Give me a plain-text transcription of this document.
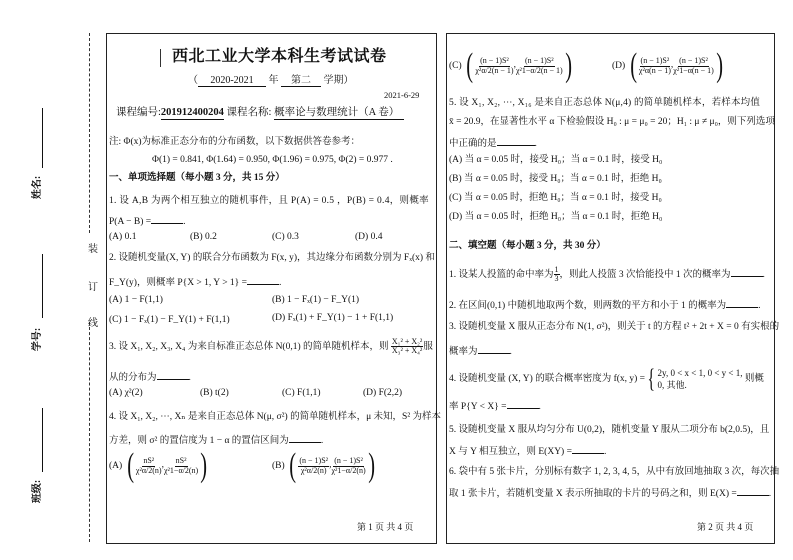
装
订
线
姓名:
学号:
班级:
西北工业大学本科生考试试卷
（ 2020-2021 年 第二 学期）
2021-6-29
课程编号:201912400204 课程名称: 概率论与数理统计（A 卷）
注: Φ(x)为标准正态分布的分布函数，以下数据供答卷参考：
Φ(1) = 0.841, Φ(1.64) = 0.950, Φ(1.96) = 0.975, Φ(2) = 0.977 .
一、单项选择题（每小题 3 分，共 15 分）
1. 设 A,B 为两个相互独立的随机事件，且 P(A) = 0.5 ，P(B) = 0.4，则概率
P(A − B) =	.
(A) 0.1	(B) 0.2	(C) 0.3	(D) 0.4
2. 设随机变量(X, Y) 的联合分布函数为 F(x, y)，其边缘分布函数分别为 Fₓ(x) 和
F_Y(y)，则概率 P{X > 1, Y > 1} =	.
(A) 1 − F(1,1)	(B) 1 − Fₓ(1) − F_Y(1)
(C) 1 − Fₓ(1) − F_Y(1) + F(1,1)	(D) Fₓ(1) + F_Y(1) − 1 + F(1,1)
3. 设 X₁, X₂, X₃, X₄ 为来自标准正态总体 N(0,1) 的简单随机样本，则 $\frac{\text{X₁² + X₂²}}{\text{X₃² + X₄²}}$ 服
从的分布为	.
(A) χ²(2)	(B) t(2)	(C) F(1,1)	(D) F(2,2)
4. 设 X₁, X₂, ⋯, Xₙ 是来自正态总体 N(μ, σ²) 的简单随机样本，μ 未知，S² 为样本
方差，则 σ² 的置信度为 1 − α 的置信区间为	.
(A) ( $\frac{\text{nS²}}{\text{χ²α/2(n)}}$ , $\frac{\text{nS²}}{\text{χ²1−α/2(n)}}$ )	(B) ( $\frac{\text{(n − 1)S²}}{\text{χ²α/2(n)}}$ , $\frac{\text{(n − 1)S²}}{\text{χ²1−α/2(n)}}$ )
第 1 页 共 4 页
(C) ( $\frac{\text{(n − 1)S²}}{\text{χ²α/2(n − 1)}}$ , $\frac{\text{(n − 1)S²}}{\text{χ²1−α/2(n − 1)}}$ )	(D) ( $\frac{\text{(n − 1)S²}}{\text{χ²α(n − 1)}}$ , $\frac{\text{(n − 1)S²}}{\text{χ²1−α(n − 1)}}$ )
5. 设 X₁, X₂, ⋯, X₁₆ 是来自正态总体 N(μ,4) 的简单随机样本，若样本均值
x̄ = 20.9，在显著性水平 α 下检验假设 H₀ : μ = μ₀ = 20；H₁ : μ ≠ μ₀，则下列选项
中正确的是	.
(A) 当 α = 0.05 时，接受 H₀；当 α = 0.1 时，接受 H₀
(B) 当 α = 0.05 时，接受 H₀；当 α = 0.1 时，拒绝 H₀
(C) 当 α = 0.05 时，拒绝 H₀；当 α = 0.1 时，接受 H₀
(D) 当 α = 0.05 时，拒绝 H₀；当 α = 0.1 时，拒绝 H₀
二、填空题（每小题 3 分，共 30 分）
1. 设某人投篮的命中率为 $\frac{1}{3}$ ，则此人投篮 3 次恰能投中 1 次的概率为	.
2. 在区间(0,1) 中随机地取两个数，则两数的平方和小于 1 的概率为	.
3. 设随机变量 X 服从正态分布 N(1, σ²)，则关于 t 的方程 t² + 2t + X = 0 有实根的
概率为	.
4. 设随机变量 (X, Y) 的联合概率密度为 f(x, y) = { 2y, 0 < x < 1, 0 < y < 1,
0, 其他.
则概
率 P{Y < X} =	.
5. 设随机变量 X 服从均匀分布 U(0,2)，随机变量 Y 服从二项分布 b(2,0.5)，且
X 与 Y 相互独立，则 E(XY) =	.
6. 袋中有 5 张卡片，分别标有数字 1, 2, 3, 4, 5，从中有放回地抽取 3 次，每次抽
取 1 张卡片，若随机变量 X 表示所抽取的卡片的号码之和，则 E(X) =	.
第 2 页 共 4 页
